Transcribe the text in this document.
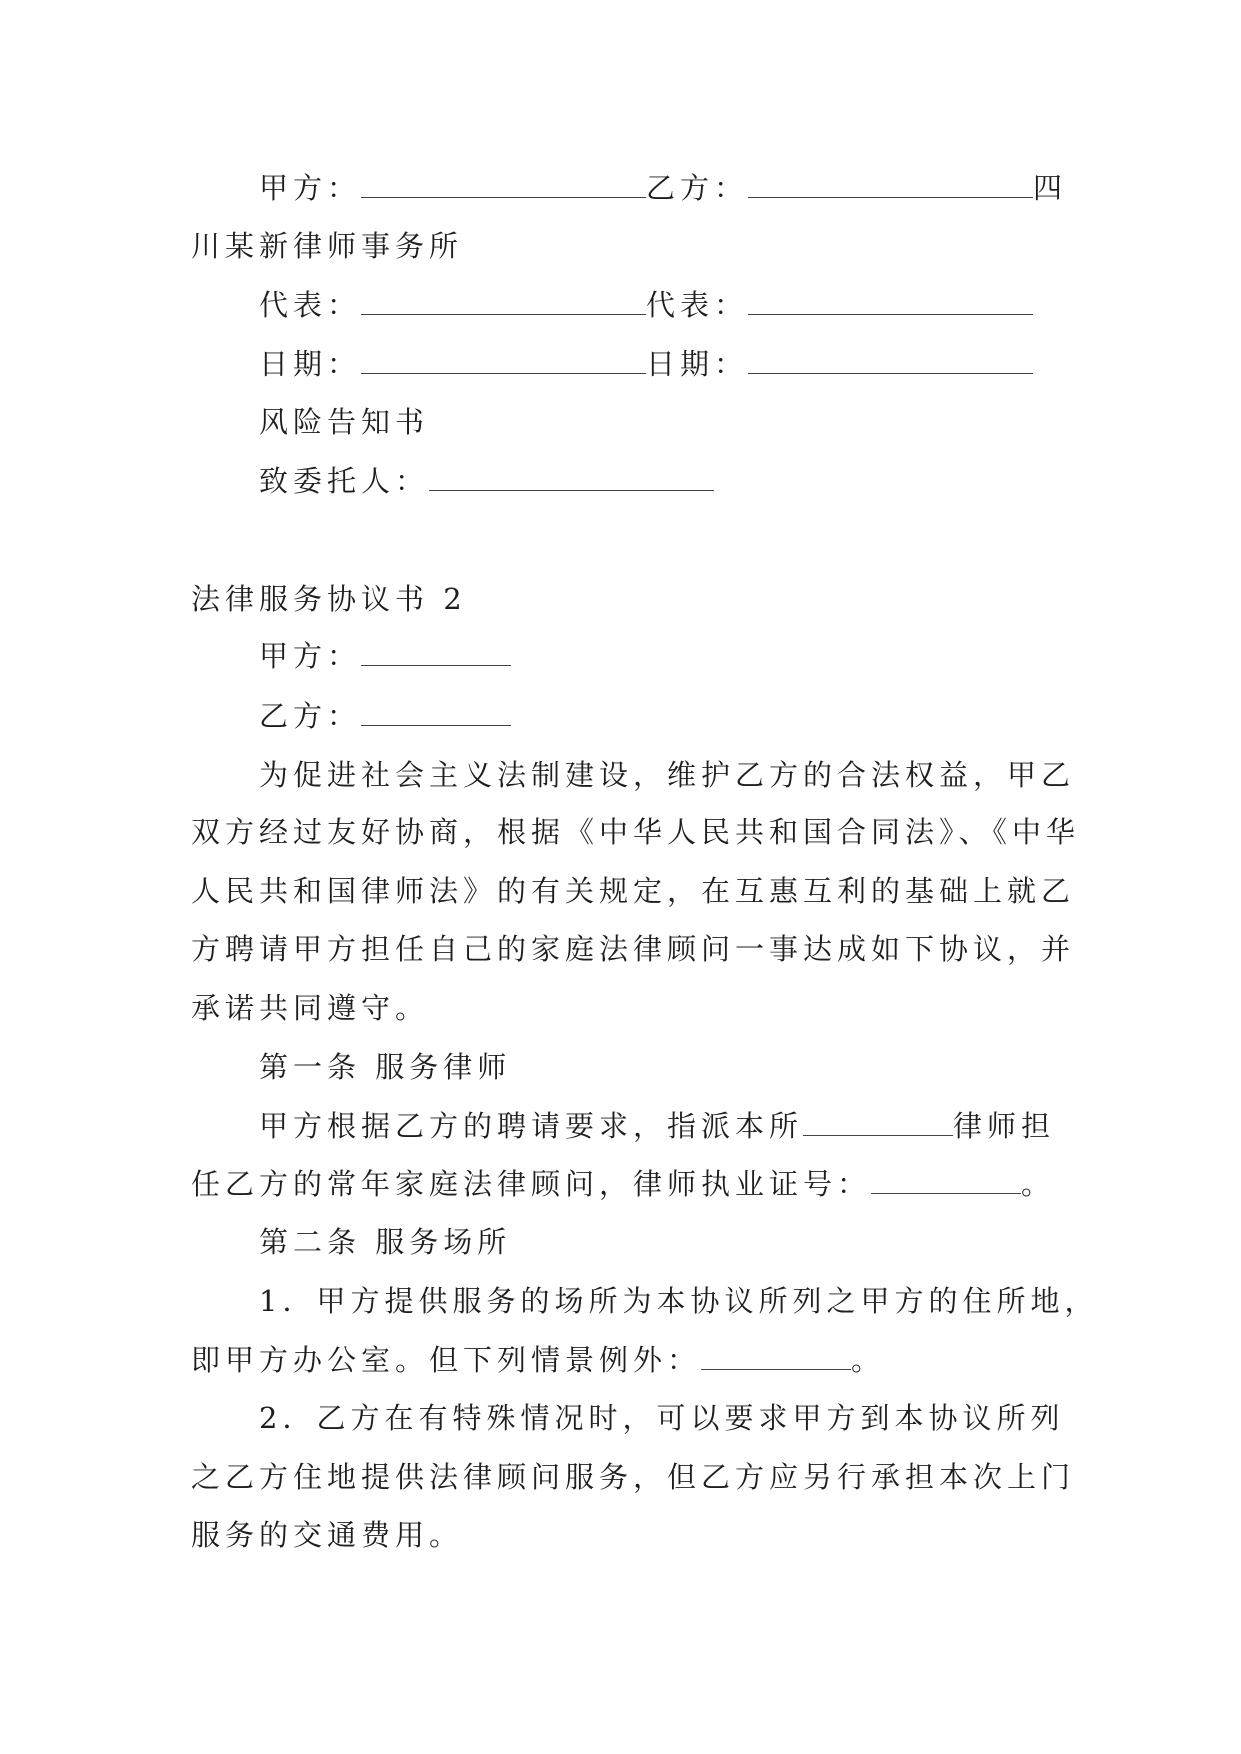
甲方：	乙方：	四

川某新律师事务所

代表：	代表：

日期：	日期：

风险告知书

致委托人：

法律服务协议书 2

甲方：

乙方：

为促进社会主义法制建设，维护乙方的合法权益，甲乙

双方经过友好协商，根据《中华人民共和国合同法》、《中华

人民共和国律师法》的有关规定，在互惠互利的基础上就乙

方聘请甲方担任自己的家庭法律顾问一事达成如下协议，并

承诺共同遵守。

第一条 服务律师

甲方根据乙方的聘请要求，指派本所	律师担

任乙方的常年家庭法律顾问，律师执业证号：	。

第二条 服务场所

1．甲方提供服务的场所为本协议所列之甲方的住所地，

即甲方办公室。但下列情景例外：	。

2．乙方在有特殊情况时，可以要求甲方到本协议所列

之乙方住地提供法律顾问服务，但乙方应另行承担本次上门

服务的交通费用。
